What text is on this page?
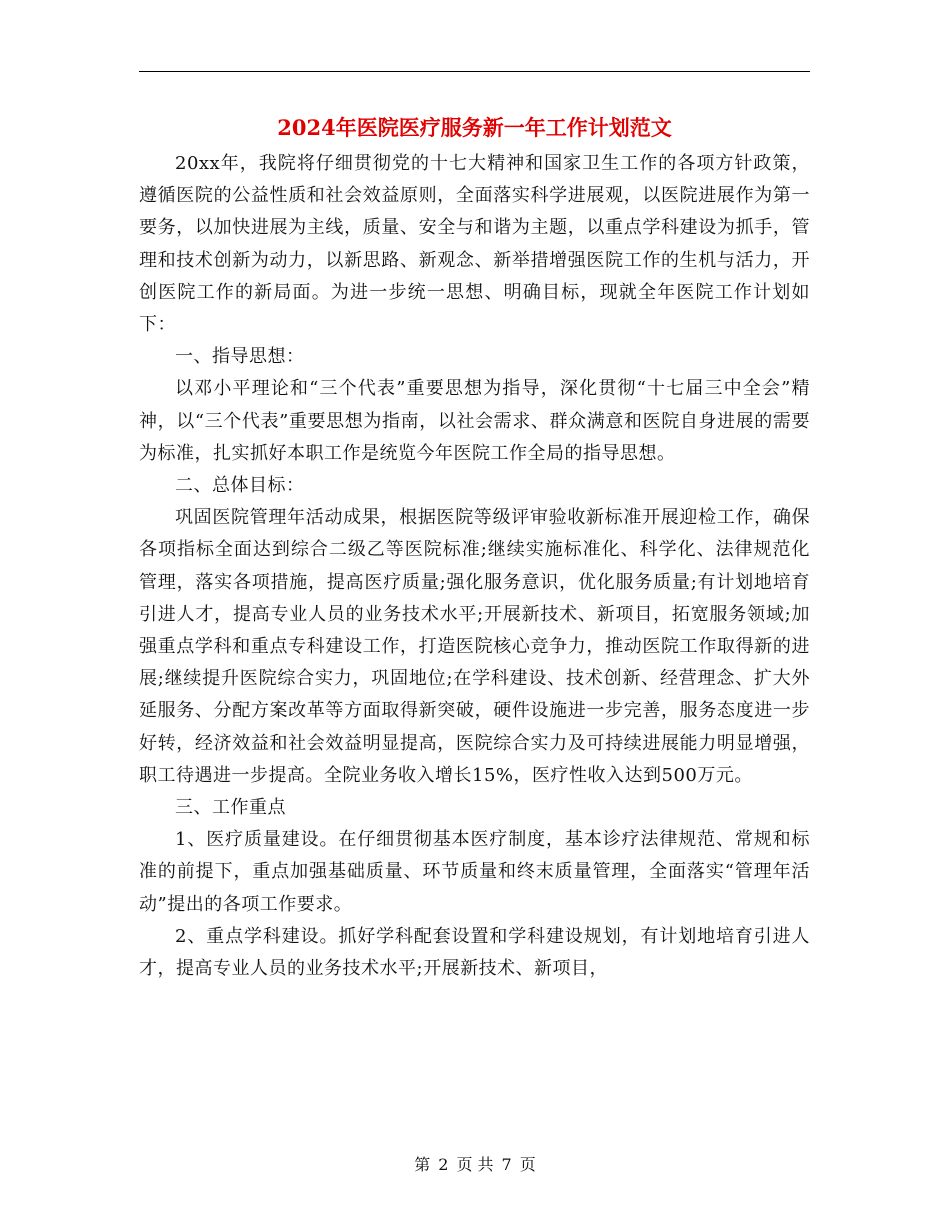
2024年医院医疗服务新一年工作计划范文

20xx年，我院将仔细贯彻党的十七大精神和国家卫生工作的各项方针政策，遵循医院的公益性质和社会效益原则，全面落实科学进展观，以医院进展作为第一要务，以加快进展为主线，质量、安全与和谐为主题，以重点学科建设为抓手，管理和技术创新为动力，以新思路、新观念、新举措增强医院工作的生机与活力，开创医院工作的新局面。为进一步统一思想、明确目标，现就全年医院工作计划如下：

一、指导思想：

以邓小平理论和“三个代表”重要思想为指导，深化贯彻“十七届三中全会”精神，以“三个代表”重要思想为指南，以社会需求、群众满意和医院自身进展的需要为标准，扎实抓好本职工作是统览今年医院工作全局的指导思想。

二、总体目标：

巩固医院管理年活动成果，根据医院等级评审验收新标准开展迎检工作，确保各项指标全面达到综合二级乙等医院标准;继续实施标准化、科学化、法律规范化管理，落实各项措施，提高医疗质量;强化服务意识，优化服务质量;有计划地培育引进人才，提高专业人员的业务技术水平;开展新技术、新项目，拓宽服务领域;加强重点学科和重点专科建设工作，打造医院核心竞争力，推动医院工作取得新的进展;继续提升医院综合实力，巩固地位;在学科建设、技术创新、经营理念、扩大外延服务、分配方案改革等方面取得新突破，硬件设施进一步完善，服务态度进一步好转，经济效益和社会效益明显提高，医院综合实力及可持续进展能力明显增强，职工待遇进一步提高。全院业务收入增长15%，医疗性收入达到500万元。

三、工作重点

1、医疗质量建设。在仔细贯彻基本医疗制度，基本诊疗法律规范、常规和标准的前提下，重点加强基础质量、环节质量和终末质量管理，全面落实“管理年活动”提出的各项工作要求。

2、重点学科建设。抓好学科配套设置和学科建设规划，有计划地培育引进人才，提高专业人员的业务技术水平;开展新技术、新项目，

第 2 页 共 7 页
